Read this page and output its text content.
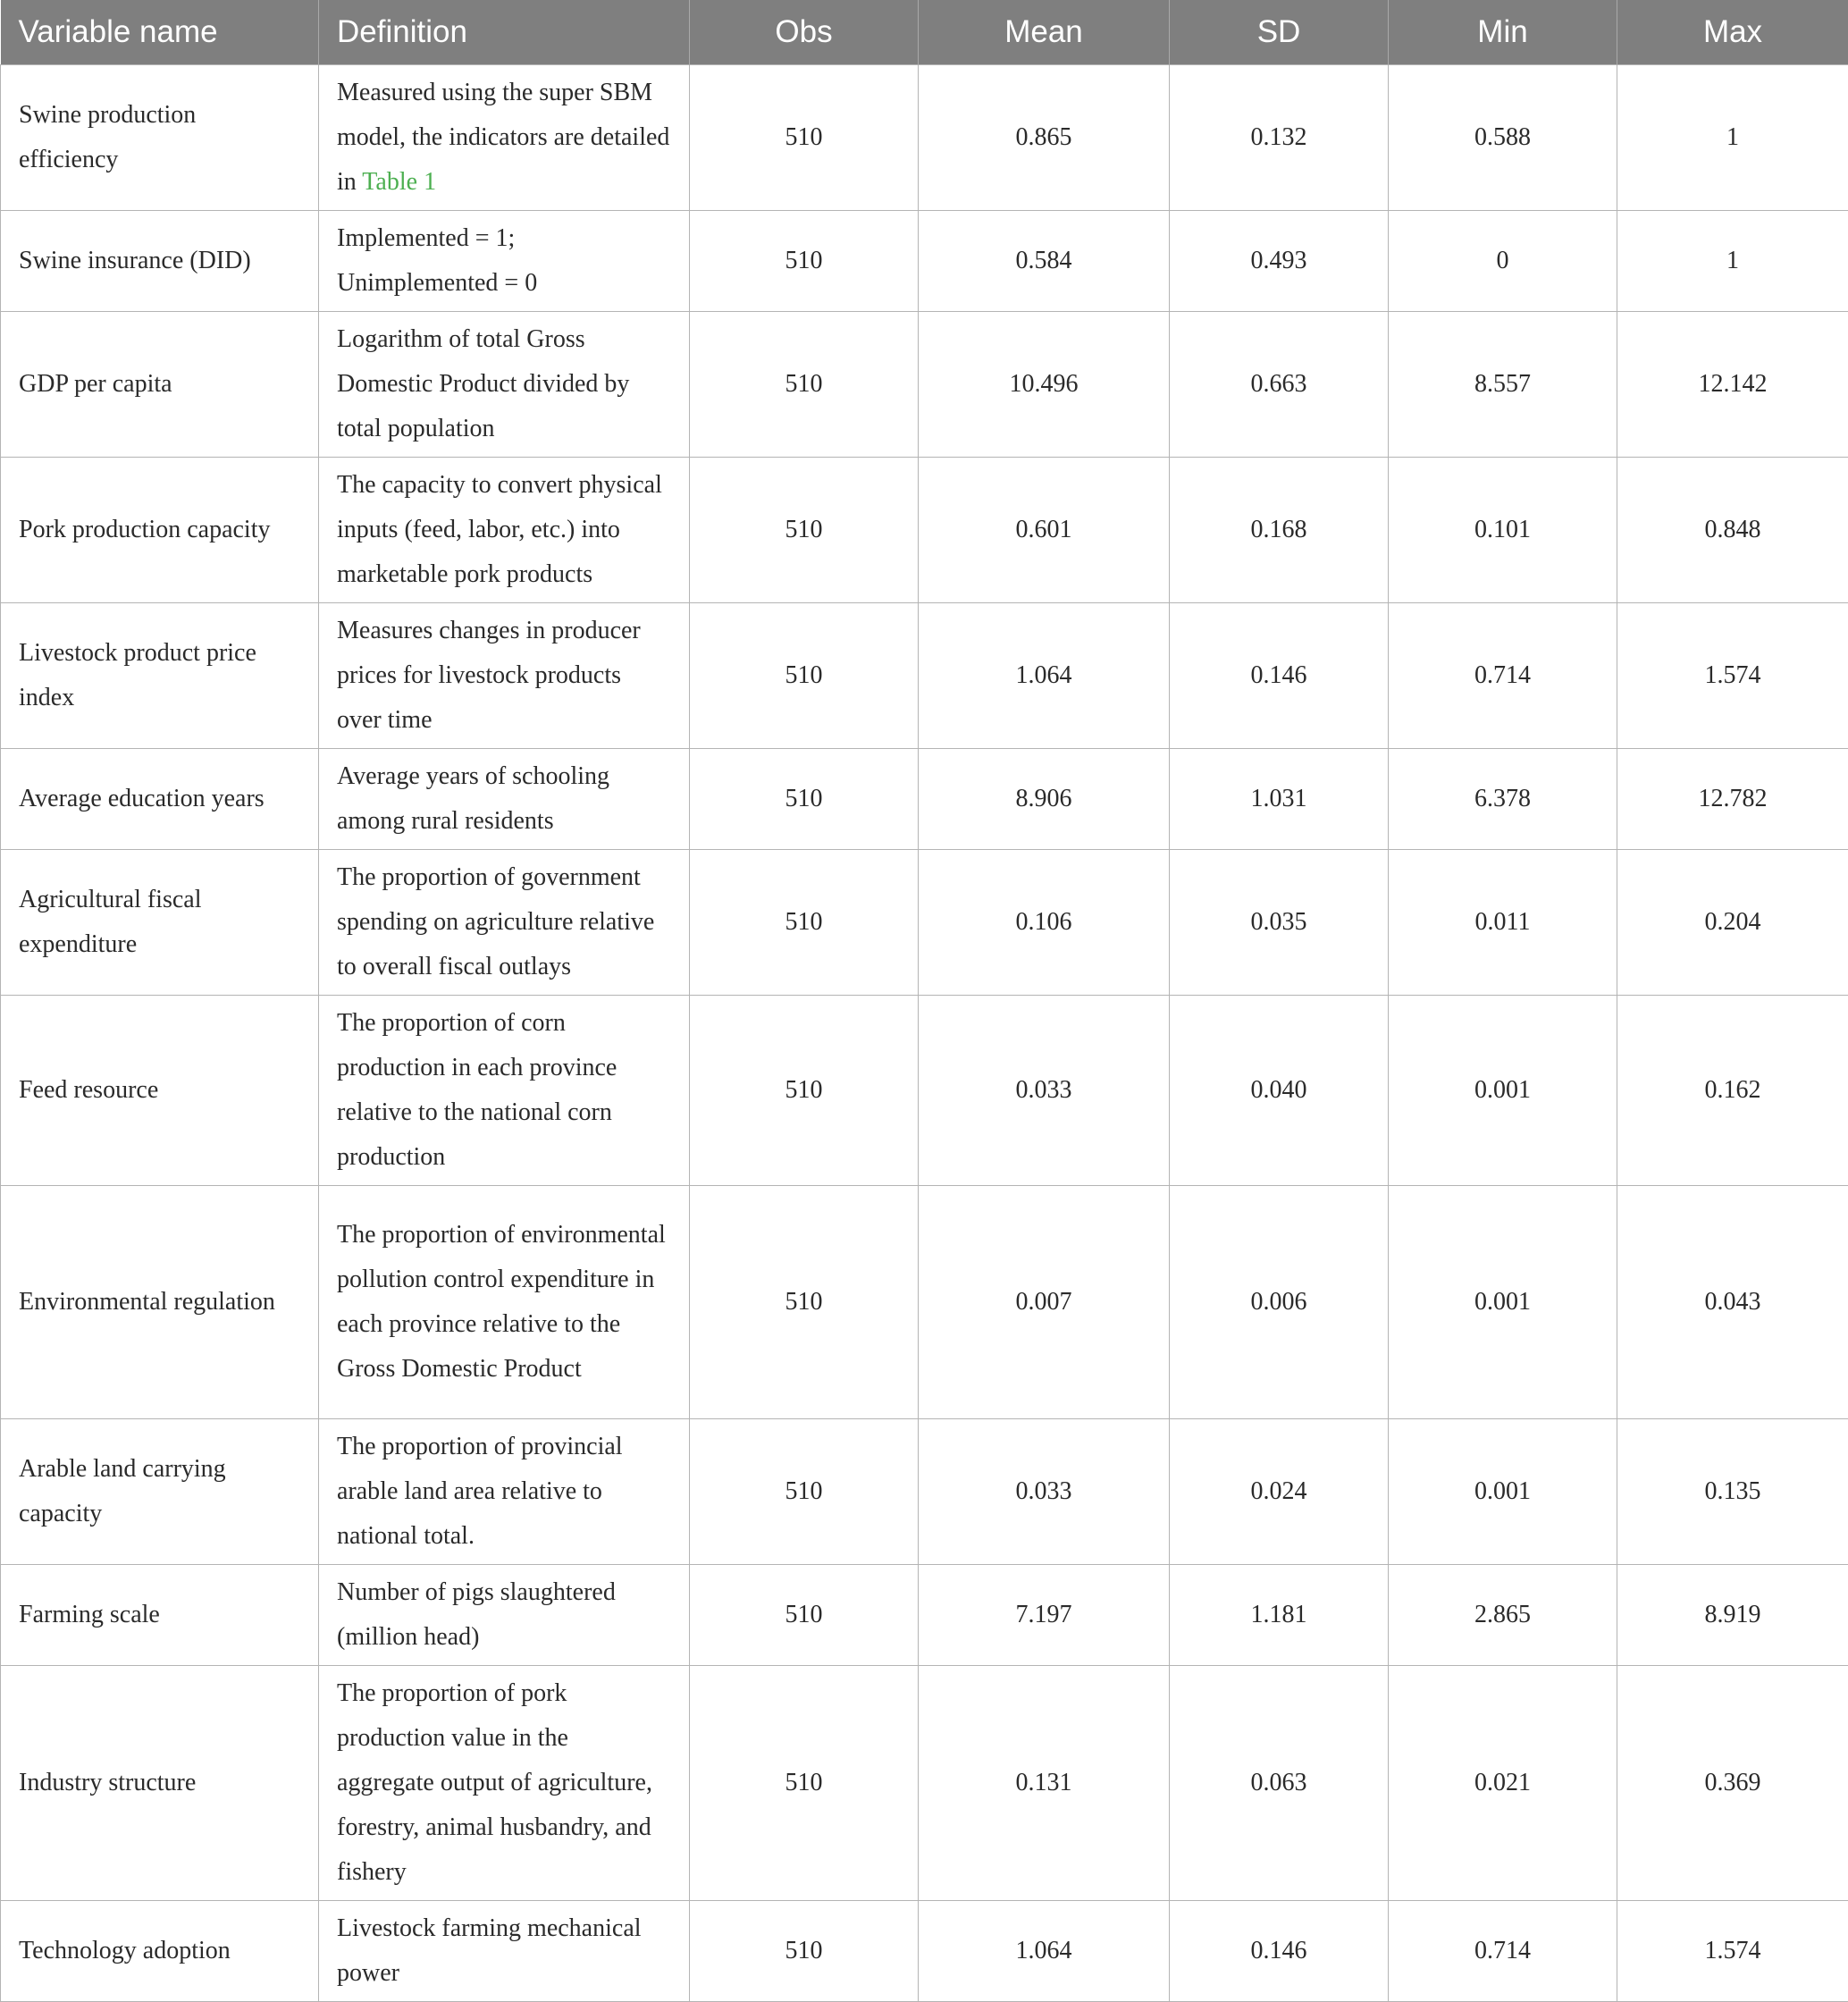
Variable name	Definition	Obs	Mean	SD	Min	Max
Swine production efficiency	Measured using the super SBM model, the indicators are detailed in Table 1	510	0.865	0.132	0.588	1
Swine insurance (DID)	Implemented = 1; Unimplemented = 0	510	0.584	0.493	0	1
GDP per capita	Logarithm of total Gross Domestic Product divided by total population	510	10.496	0.663	8.557	12.142
Pork production capacity	The capacity to convert physical inputs (feed, labor, etc.) into marketable pork products	510	0.601	0.168	0.101	0.848
Livestock product price index	Measures changes in producer prices for livestock products over time	510	1.064	0.146	0.714	1.574
Average education years	Average years of schooling among rural residents	510	8.906	1.031	6.378	12.782
Agricultural fiscal expenditure	The proportion of government spending on agriculture relative to overall fiscal outlays	510	0.106	0.035	0.011	0.204
Feed resource	The proportion of corn production in each province relative to the national corn production	510	0.033	0.040	0.001	0.162
Environmental regulation	The proportion of environmental pollution control expenditure in each province relative to the Gross Domestic Product	510	0.007	0.006	0.001	0.043
Arable land carrying capacity	The proportion of provincial arable land area relative to national total.	510	0.033	0.024	0.001	0.135
Farming scale	Number of pigs slaughtered (million head)	510	7.197	1.181	2.865	8.919
Industry structure	The proportion of pork production value in the aggregate output of agriculture, forestry, animal husbandry, and fishery	510	0.131	0.063	0.021	0.369
Technology adoption	Livestock farming mechanical power	510	1.064	0.146	0.714	1.574
